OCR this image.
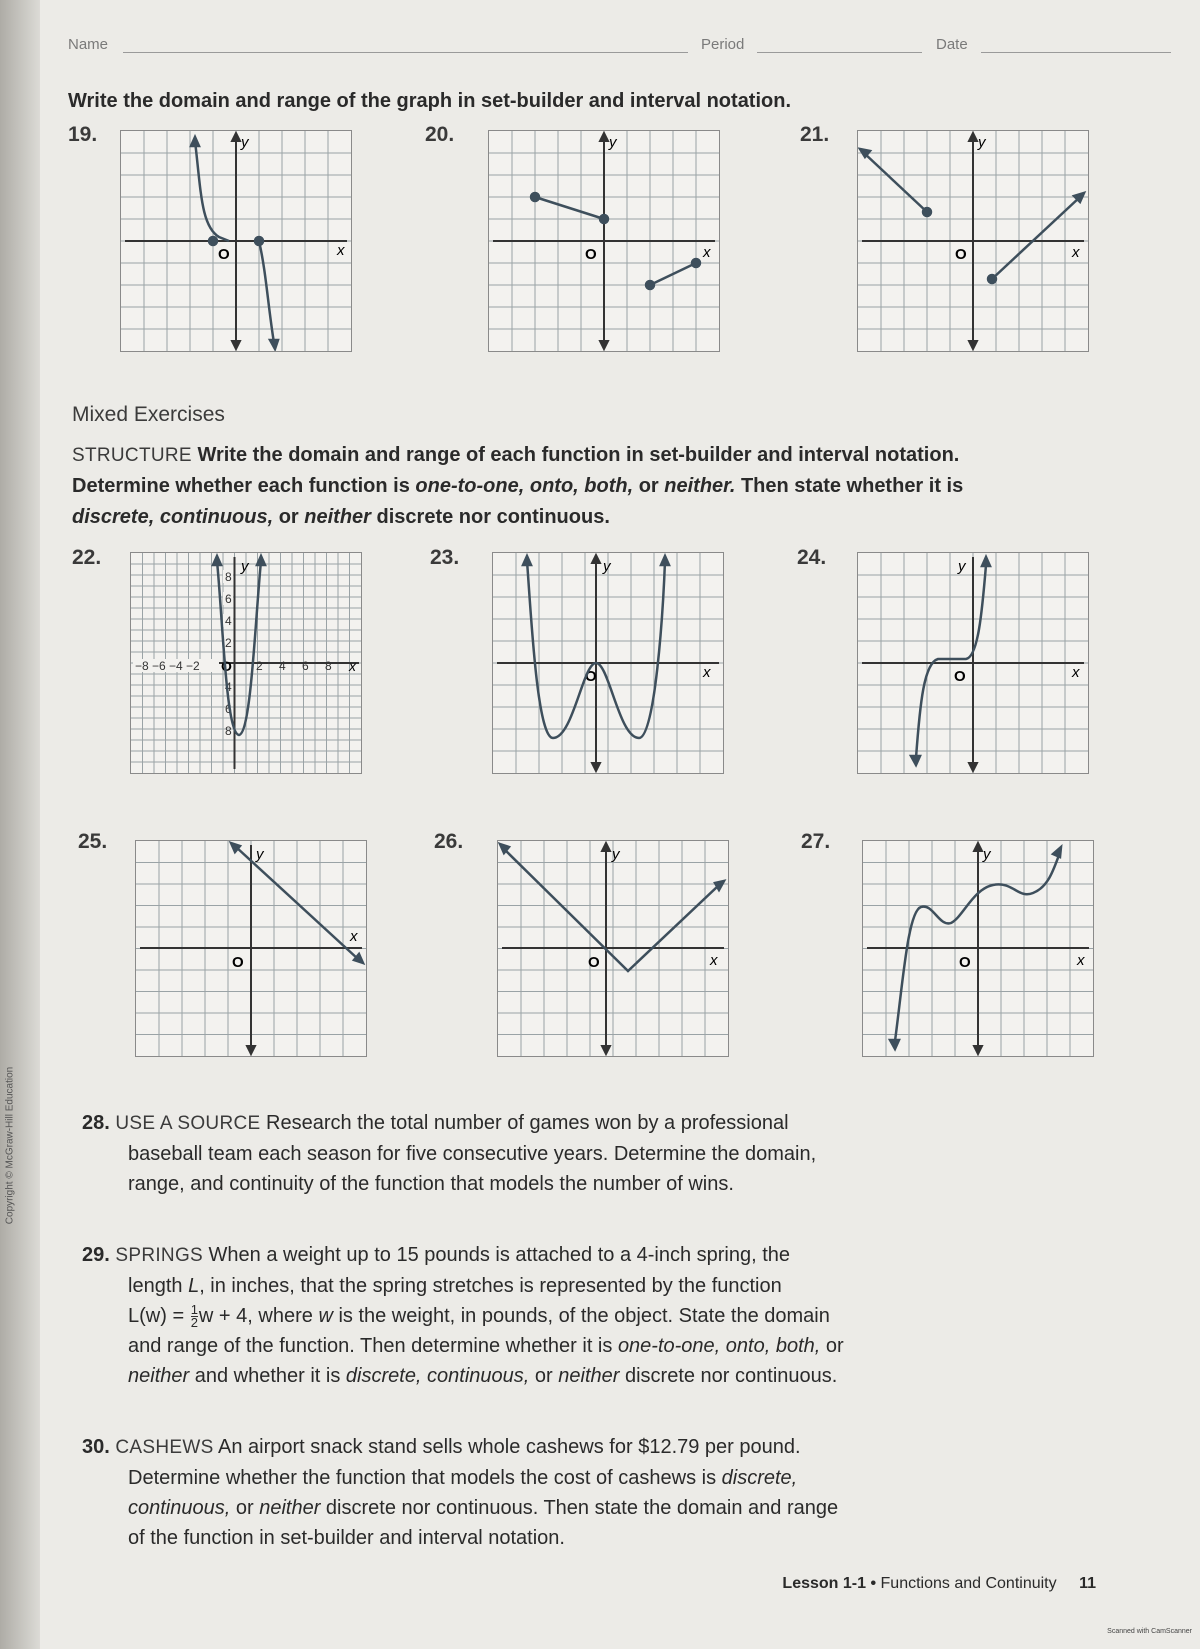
Copyright © McGraw-Hill Education
Name	Period	Date
Write the domain and range of the graph in set-builder and interval notation.
19.	20.	21.
y
x
O
y
x
O
y
x
O
Mixed Exercises
STRUCTURE Write the domain and range of each function in set-builder and interval notation.
Determine whether each function is one-to-one, onto, both, or neither. Then state whether it is
discrete, continuous, or neither discrete nor continuous.
22.	23.	24.
y
x
O
8
6
4
2
4
6
8
−8 −6 −4 −2	2 4 6 8
y
x
O
y
x
O
25.	26.	27.
y
x
O
y
x
O
y
x
O
28. USE A SOURCE Research the total number of games won by a professional
baseball team each season for five consecutive years. Determine the domain,
range, and continuity of the function that models the number of wins.
29. SPRINGS When a weight up to 15 pounds is attached to a 4-inch spring, the
length L, in inches, that the spring stretches is represented by the function
$L(w) = \frac{1}{2}$ w + 4, where w is the weight, in pounds, of the object. State the domain
and range of the function. Then determine whether it is one-to-one, onto, both, or
neither and whether it is discrete, continuous, or neither discrete nor continuous.
30. CASHEWS An airport snack stand sells whole cashews for $12.79 per pound.
Determine whether the function that models the cost of cashews is discrete,
continuous, or neither discrete nor continuous. Then state the domain and range
of the function in set-builder and interval notation.
Lesson 1-1 • Functions and Continuity 11
Scanned with CamScanner
